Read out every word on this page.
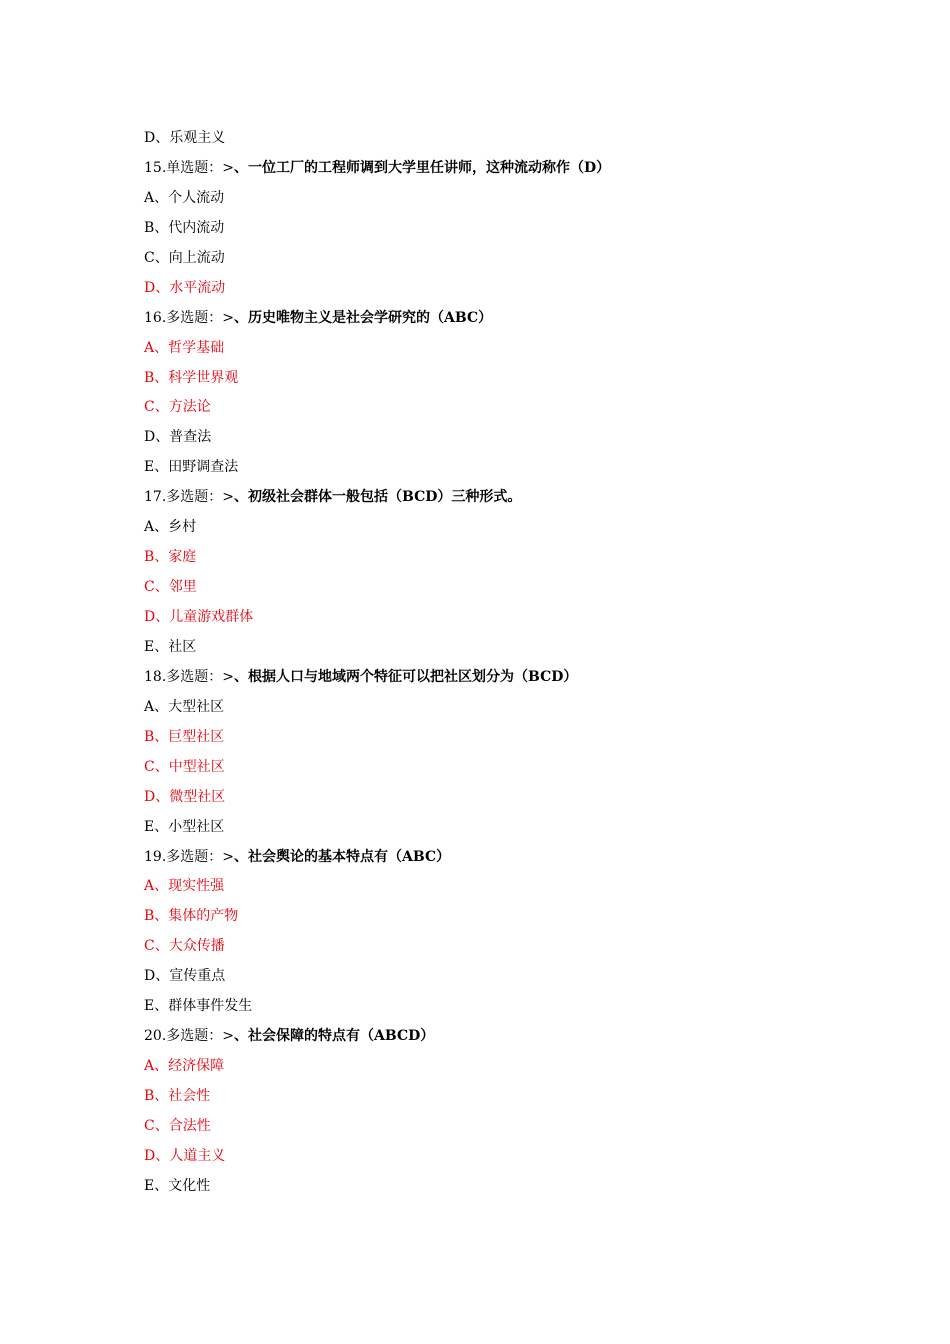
D、乐观主义
15.单选题：>、一位工厂的工程师调到大学里任讲师，这种流动称作（D）
A、个人流动
B、代内流动
C、向上流动
D、水平流动
16.多选题：>、历史唯物主义是社会学研究的（ABC）
A、哲学基础
B、科学世界观
C、方法论
D、普查法
E、田野调查法
17.多选题：>、初级社会群体一般包括（BCD）三种形式。
A、乡村
B、家庭
C、邻里
D、儿童游戏群体
E、社区
18.多选题：>、根据人口与地域两个特征可以把社区划分为（BCD）
A、大型社区
B、巨型社区
C、中型社区
D、微型社区
E、小型社区
19.多选题：>、社会舆论的基本特点有（ABC）
A、现实性强
B、集体的产物
C、大众传播
D、宣传重点
E、群体事件发生
20.多选题：>、社会保障的特点有（ABCD）
A、经济保障
B、社会性
C、合法性
D、人道主义
E、文化性
